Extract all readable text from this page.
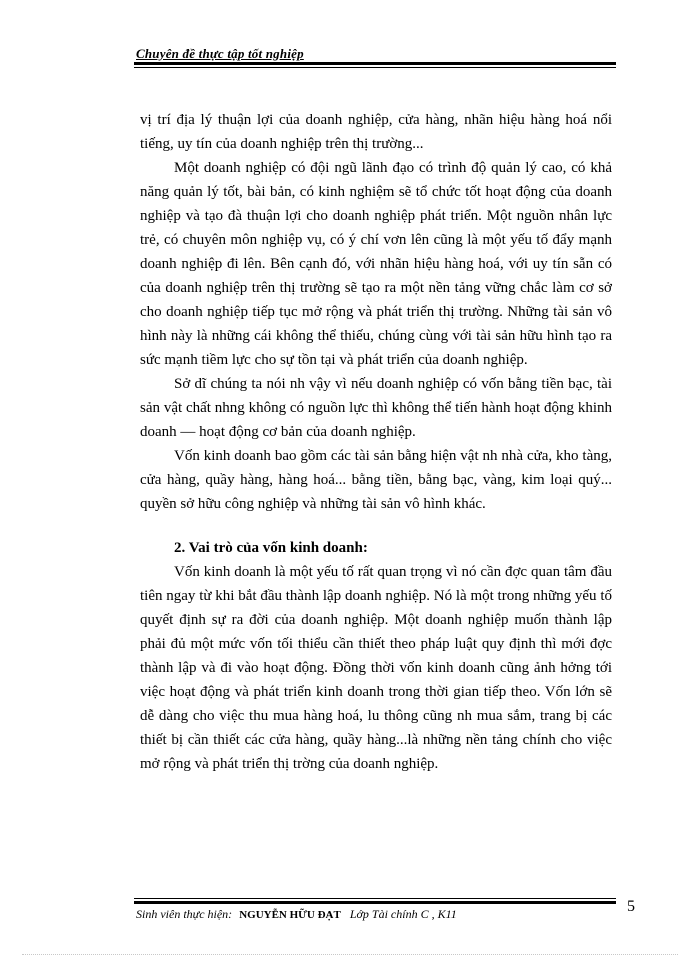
Chuyên đề thực tập tốt nghiệp

vị trí địa lý thuận lợi của doanh nghiệp, cửa hàng, nhãn hiệu hàng hoá nổi tiếng, uy tín của doanh nghiệp trên thị trường...

Một doanh nghiệp có đội ngũ lãnh đạo có trình độ quản lý cao, có khả năng quản lý tốt, bài bản, có kinh nghiệm sẽ tổ chức tốt hoạt động của doanh nghiệp và tạo đà thuận lợi cho doanh nghiệp phát triển. Một nguồn nhân lực trẻ, có chuyên môn nghiệp vụ, có ý chí vơn lên cũng là một yếu tố đẩy mạnh doanh nghiệp đi lên. Bên cạnh đó, với nhãn hiệu hàng hoá, với uy tín sẵn có của doanh nghiệp trên thị trường sẽ tạo ra một nền tảng vững chắc làm cơ sở cho doanh nghiệp tiếp tục mở rộng và phát triển thị trường. Những tài sản vô hình này là những cái không thể thiếu, chúng cùng với tài sản hữu hình tạo ra sức mạnh tiềm lực cho sự tồn tại và phát triển của doanh nghiệp.

Sở dĩ chúng ta nói nh vậy vì nếu doanh nghiệp có vốn bằng tiền bạc, tài sản vật chất nhng không có nguồn lực thì không thể tiến hành hoạt động khinh doanh — hoạt động cơ bản của doanh nghiệp.

Vốn kinh doanh bao gồm các tài sản bằng hiện vật nh nhà cửa, kho tàng, cửa hàng, quầy hàng, hàng hoá... bằng tiền, bằng bạc, vàng, kim loại quý... quyền sở hữu công nghiệp và những tài sản vô hình khác.

2. Vai trò của vốn kinh doanh:

Vốn kinh doanh là một yếu tố rất quan trọng vì nó cần đợc quan tâm đầu tiên ngay từ khi bắt đầu thành lập doanh nghiệp. Nó là một trong những yếu tố quyết định sự ra đời của doanh nghiệp. Một doanh nghiệp muốn thành lập phải đủ một mức vốn tối thiểu cần thiết theo pháp luật quy định thì mới đợc thành lập và đi vào hoạt động. Đồng thời vốn kinh doanh cũng ảnh hởng tới việc hoạt động và phát triển kinh doanh trong thời gian tiếp theo. Vốn lớn sẽ dễ dàng cho việc thu mua hàng hoá, lu thông cũng nh mua sắm, trang bị các thiết bị cần thiết các cửa hàng, quầy hàng...là những nền tảng chính cho việc mở rộng và phát triển thị trờng của doanh nghiệp.

Sinh viên thực hiện: NGUYỄN HỮU ĐẠT Lớp Tài chính C , K11	5
